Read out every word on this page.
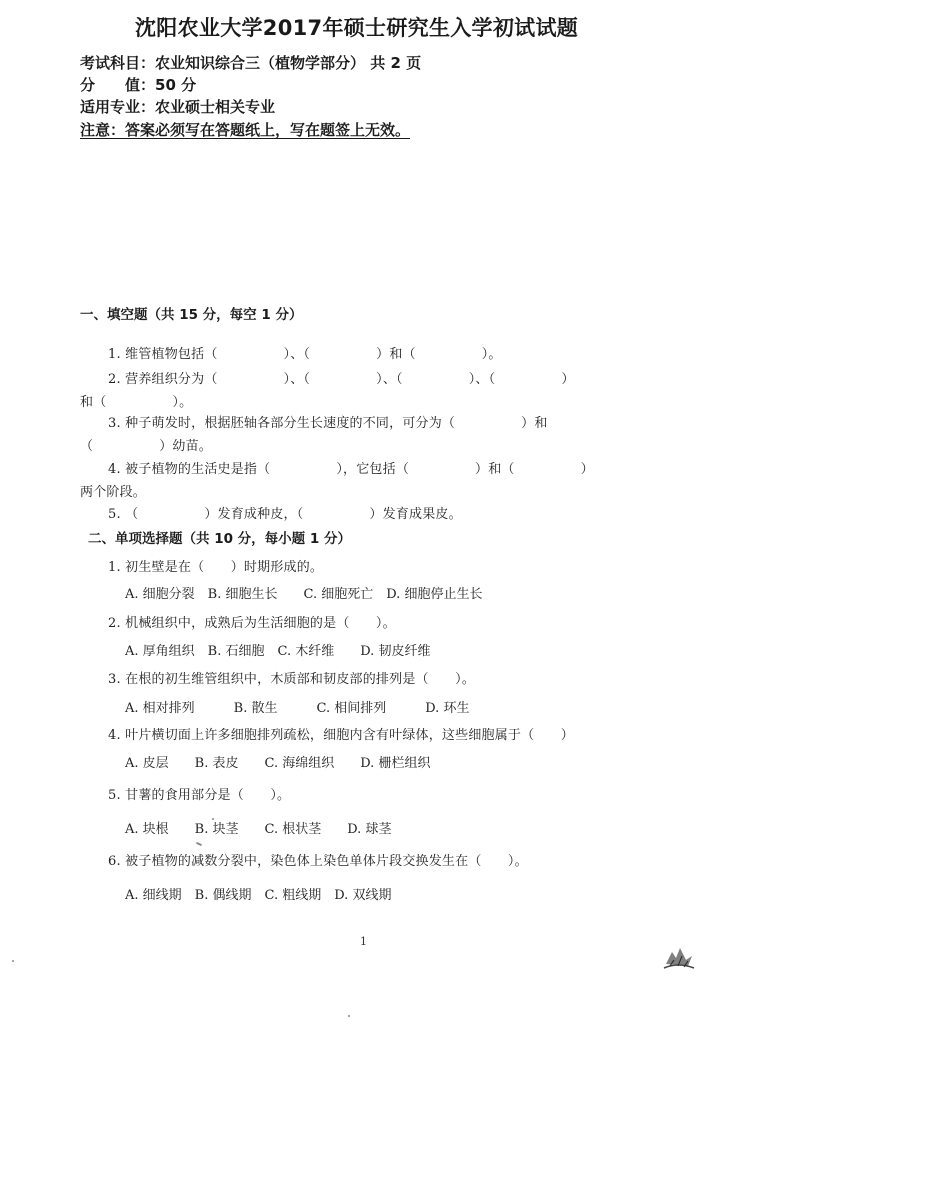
沈阳农业大学2017年硕士研究生入学初试试题
考试科目：农业知识综合三（植物学部分） 共 2 页
分　　值：50 分
适用专业：农业硕士相关专业
注意：答案必须写在答题纸上，写在题签上无效。
一、填空题（共 15 分，每空 1 分）
1. 维管植物包括（　　　　　）、（　　　　　）和（　　　　　）。
2. 营养组织分为（　　　　　）、（　　　　　）、（　　　　　）、（　　　　　）
和（　　　　　）。
3. 种子萌发时，根据胚轴各部分生长速度的不同，可分为（　　　　　）和
（　　　　　）幼苗。
4. 被子植物的生活史是指（　　　　　），它包括（　　　　　）和（　　　　　）
两个阶段。
5. （　　　　　）发育成种皮，（　　　　　）发育成果皮。
二、单项选择题（共 10 分，每小题 1 分）
1. 初生壁是在（　　）时期形成的。
A. 细胞分裂　B. 细胞生长　　C. 细胞死亡　D. 细胞停止生长
2. 机械组织中，成熟后为生活细胞的是（　　）。
A. 厚角组织　B. 石细胞　C. 木纤维　　D. 韧皮纤维
3. 在根的初生维管组织中，木质部和韧皮部的排列是（　　）。
A. 相对排列　　　B. 散生　　　C. 相间排列　　　D. 环生
4. 叶片横切面上许多细胞排列疏松，细胞内含有叶绿体，这些细胞属于（　　）
A. 皮层　　B. 表皮　　C. 海绵组织　　D. 栅栏组织
5. 甘薯的食用部分是（　　）。
A. 块根　　B. 块茎　　C. 根状茎　　D. 球茎
6. 被子植物的减数分裂中，染色体上染色单体片段交换发生在（　　）。
A. 细线期　B. 偶线期　C. 粗线期　D. 双线期
1
